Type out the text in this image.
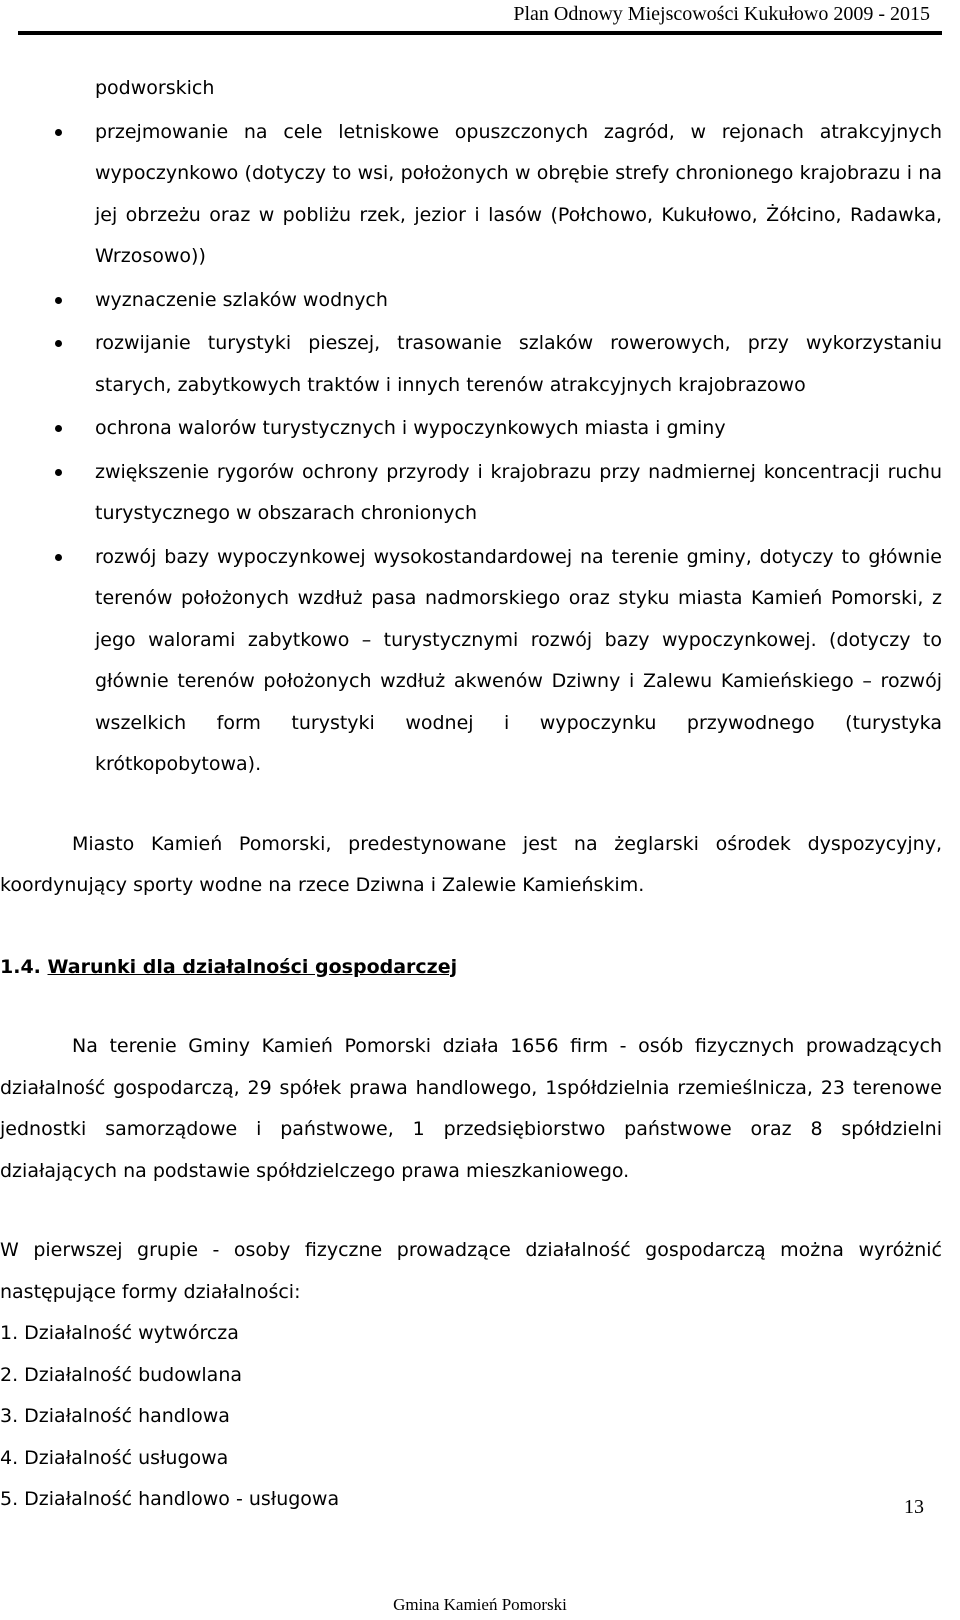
Plan Odnowy Miejscowości Kukułowo 2009 - 2015
podworskich
przejmowanie na cele letniskowe opuszczonych zagród, w rejonach atrakcyjnych wypoczynkowo (dotyczy to wsi, położonych w obrębie strefy chronionego krajobrazu i na jej obrzeżu oraz w pobliżu rzek, jezior i lasów (Połchowo, Kukułowo, Żółcino, Radawka, Wrzosowo))
wyznaczenie szlaków wodnych
rozwijanie turystyki pieszej, trasowanie szlaków rowerowych, przy wykorzystaniu starych, zabytkowych traktów i innych terenów atrakcyjnych krajobrazowo
ochrona walorów turystycznych i wypoczynkowych miasta i gminy
zwiększenie rygorów ochrony przyrody i krajobrazu przy nadmiernej koncentracji ruchu turystycznego w obszarach chronionych
rozwój bazy wypoczynkowej wysokostandardowej na terenie gminy, dotyczy to głównie terenów położonych wzdłuż pasa nadmorskiego oraz styku miasta Kamień Pomorski, z jego walorami zabytkowo – turystycznymi rozwój bazy wypoczynkowej. (dotyczy to głównie terenów położonych wzdłuż akwenów Dziwny i Zalewu Kamieńskiego – rozwój wszelkich form turystyki wodnej i wypoczynku przywodnego (turystyka krótkopobytowa).

Miasto Kamień Pomorski, predestynowane jest na żeglarski ośrodek dyspozycyjny, koordynujący sporty wodne na rzece Dziwna i Zalewie Kamieńskim.

1.4. Warunki dla działalności gospodarczej

Na terenie Gminy Kamień Pomorski działa 1656 firm - osób fizycznych prowadzących działalność gospodarczą, 29 spółek prawa handlowego, 1spółdzielnia rzemieślnicza, 23 terenowe jednostki samorządowe i państwowe, 1 przedsiębiorstwo państwowe oraz 8 spółdzielni działających na podstawie spółdzielczego prawa mieszkaniowego.

W pierwszej grupie - osoby fizyczne prowadzące działalność gospodarczą można wyróżnić następujące formy działalności:

1. Działalność wytwórcza
2. Działalność budowlana
3. Działalność handlowa
4. Działalność usługowa
5. Działalność handlowo - usługowa	13
Gmina Kamień Pomorski
